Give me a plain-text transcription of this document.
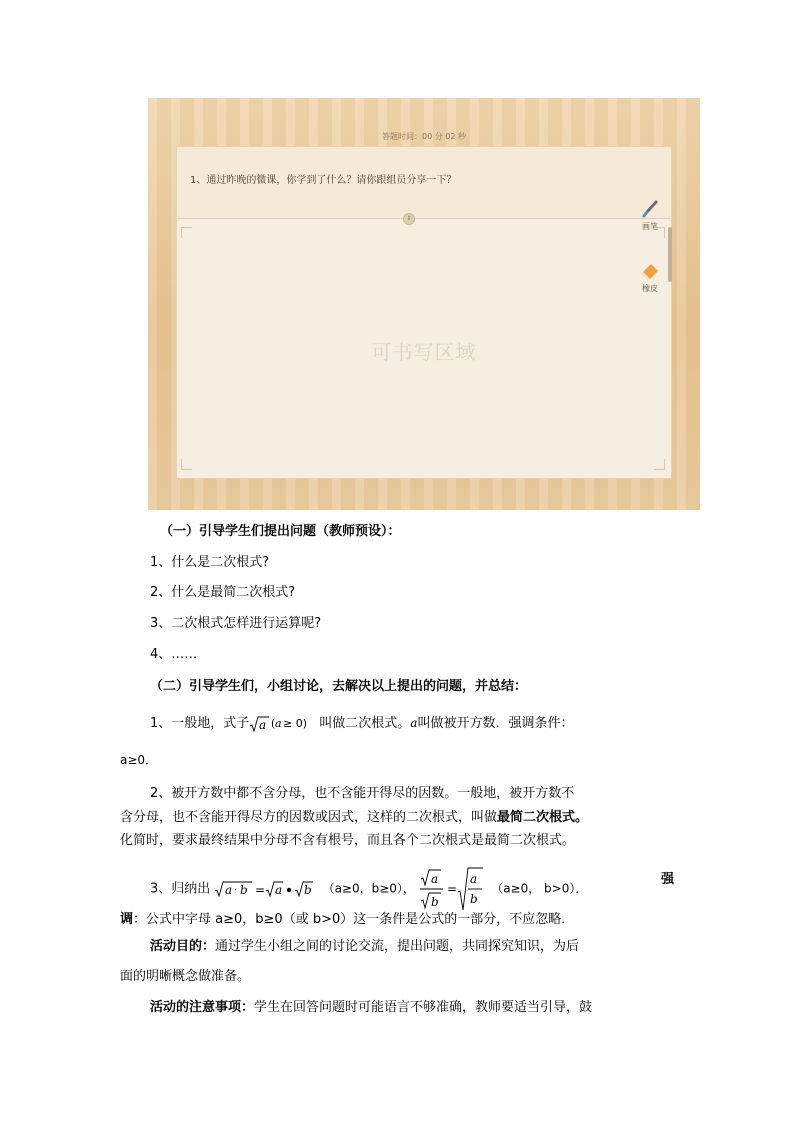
答题时间：00 分 02 秒
1、通过昨晚的微课，你学到了什么？请你跟组员分享一下？
⇕
可书写区域
画笔
橡皮
（一）引导学生们提出问题（教师预设）：
1、什么是二次根式?
2、什么是最简二次根式?
3、二次根式怎样进行运算呢?
4、……
（二）引导学生们，小组讨论，去解决以上提出的问题，并总结：
1、一般地，式子 a ( a ≥ 0) 叫做二次根式。a叫做被开方数．强调条件：
a≥0．
2、被开方数中都不含分母，也不含能开得尽的因数。一般地，被开方数不
含分母，也不含能开得尽方的因数或因式，这样的二次根式，叫做最简二次根式。
化简时，要求最终结果中分母不含有根号，而且各个二次根式是最简二次根式。
3、归纳出 a · b = a b （a≥0，b≥0），
a
b
=
a
b
（a≥0， b>0）．
强
调：公式中字母 a≥0，b≥0（或 b>0）这一条件是公式的一部分，不应忽略．
活动目的：通过学生小组之间的讨论交流，提出问题，共同探究知识，为后
面的明晰概念做准备。
活动的注意事项：学生在回答问题时可能语言不够准确，教师要适当引导，鼓
